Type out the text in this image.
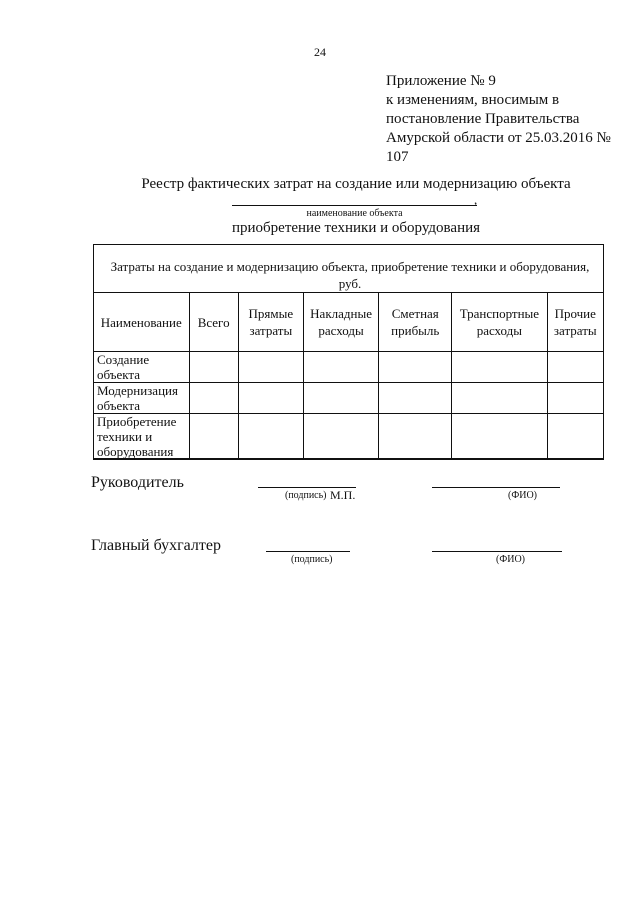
24
Приложение № 9
к изменениям, вносимым в
постановление Правительства
Амурской области от 25.03.2016 №
107
Реестр фактических затрат на создание или модернизацию объекта
,
наименование объекта
приобретение техники и оборудования
Затраты на создание и модернизацию объекта, приобретение техники и оборудования, руб.
Наименование	Всего	Прямые затраты	Накладные расходы	Сметная прибыль	Транспортные расходы	Прочие затраты
Создание объекта						
Модернизация объекта						
Приобретение техники и оборудования						
Руководитель
(подпись) М.П.	(ФИО)
Главный бухгалтер
(подпись)	(ФИО)
